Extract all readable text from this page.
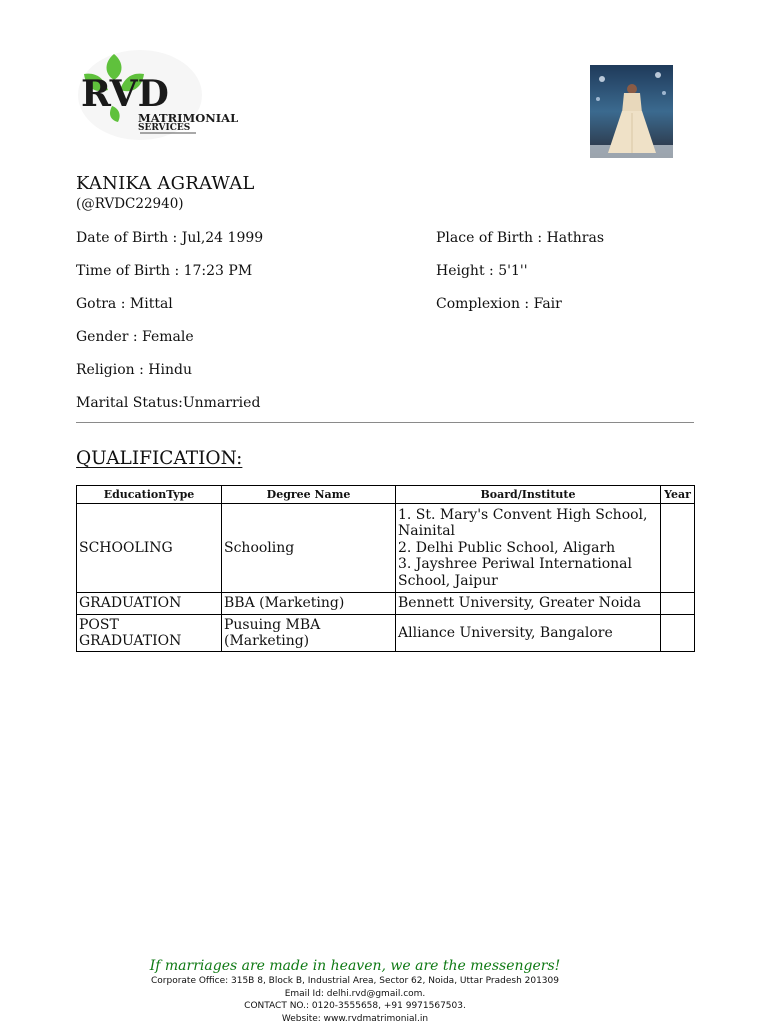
RVD
MATRIMONIAL
SERVICES
KANIKA AGRAWAL
(@RVDC22940)
Date of Birth : Jul,24 1999	Place of Birth : Hathras
Time of Birth : 17:23 PM	Height : 5'1''
Gotra : Mittal	Complexion : Fair
Gender : Female
Religion : Hindu
Marital Status:Unmarried
QUALIFICATION:
EducationType	Degree Name	Board/Institute	Year
SCHOOLING	Schooling	1. St. Mary's Convent High School, Nainital
2. Delhi Public School, Aligarh
3. Jayshree Periwal International School, Jaipur	
GRADUATION	BBA (Marketing)	Bennett University, Greater Noida	
POST GRADUATION	Pusuing MBA (Marketing)	Alliance University, Bangalore	
If marriages are made in heaven, we are the messengers!
Corporate Office: 315B 8, Block B, Industrial Area, Sector 62, Noida, Uttar Pradesh 201309
Email Id: delhi.rvd@gmail.com.
CONTACT NO.: 0120-3555658, +91 9971567503.
Website: www.rvdmatrimonial.in
